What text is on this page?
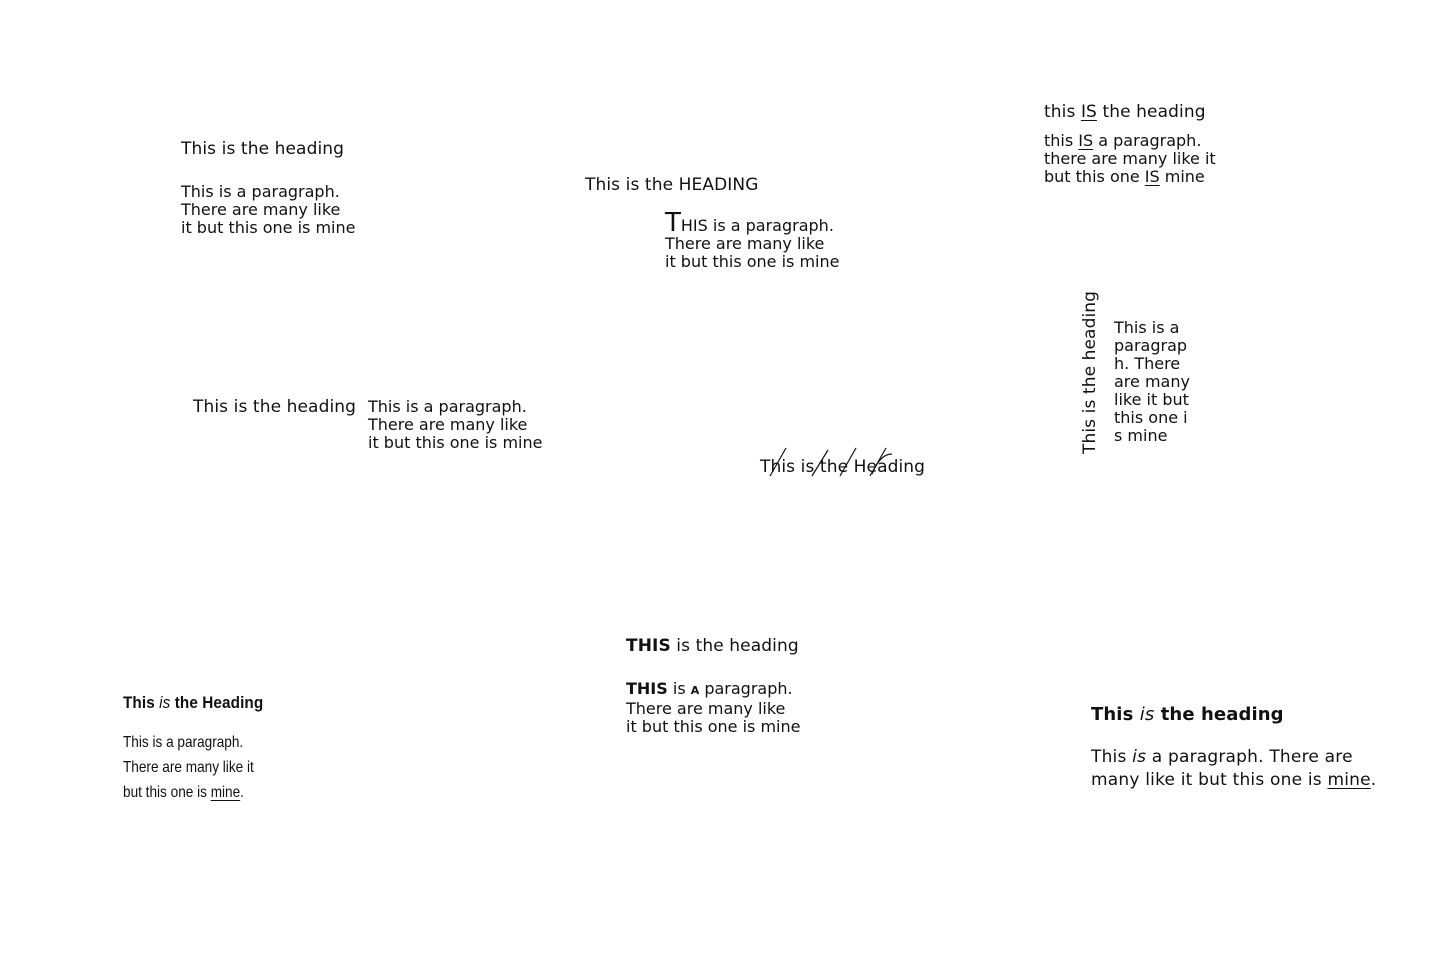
This is the heading
This is a paragraph.
There are many like
it but this one is mine
This is the HEADING
THIS is a paragraph.
There are many like
it but this one is mine
this IS the heading
this IS a paragraph.
there are many like it
but this one IS mine
This is the heading This is a paragraph.
There are many like
it but this one is mine
This is the Heading
This is the heading This is a paragraph. There are many like it but this one is mine
This is the Heading
This is a paragraph.
There are many like it
but this one is mine.
THIS is the heading
THIS is A paragraph.
There are many like
it but this one is mine
This is the heading
This is a paragraph. There are
many like it but this one is mine.
